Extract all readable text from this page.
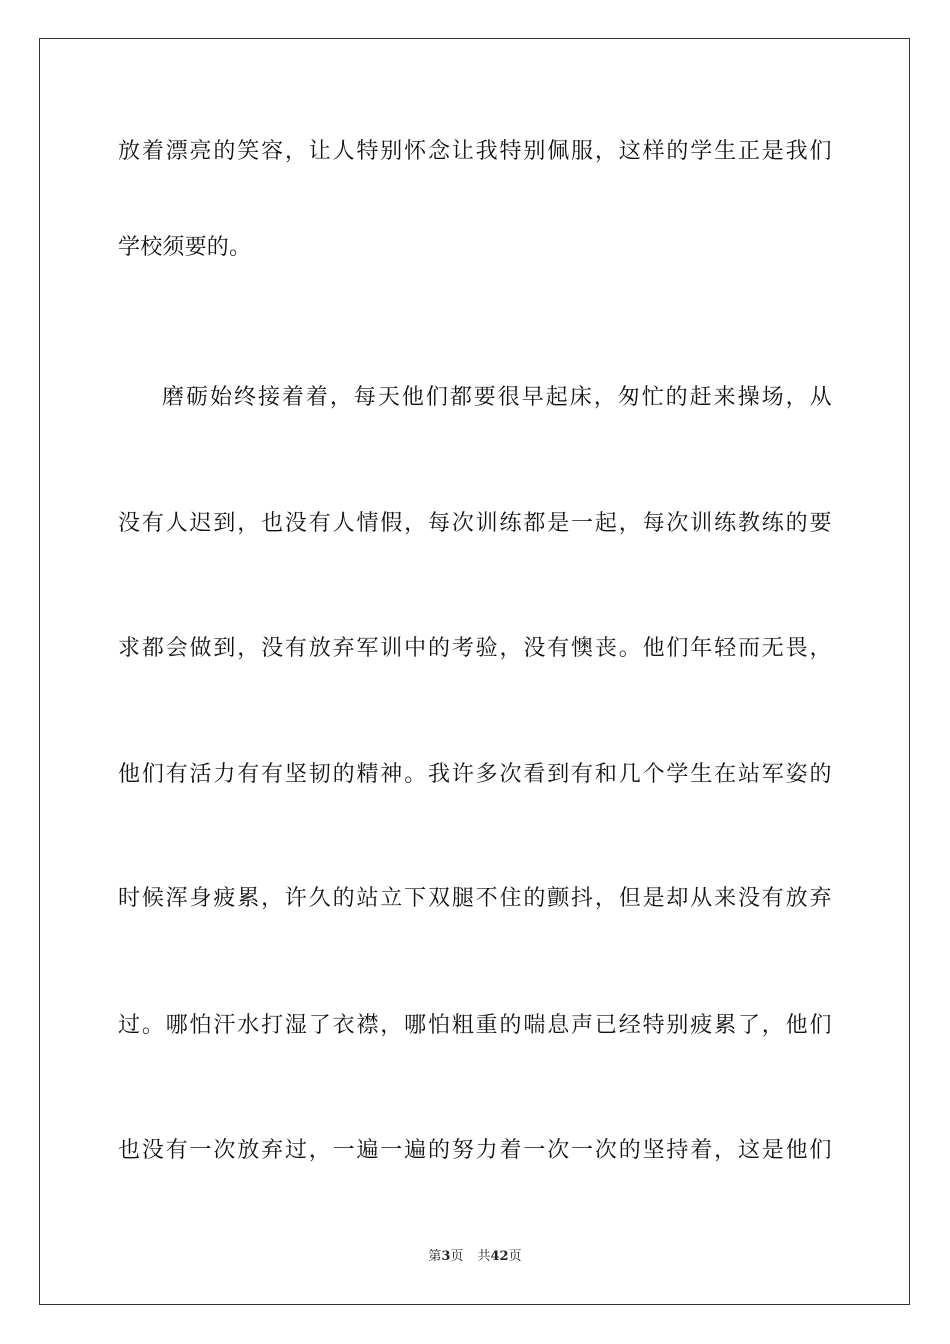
放 着 漂 亮 的 笑 容 ， 让 人 特 别 怀 念 让 我 特 别 佩 服 ， 这 样 的 学 生 正 是 我 们
学校须要的。
磨 砺 始 终 接 着 着 ， 每 天 他 们 都 要 很 早 起 床 ， 匆 忙 的 赶 来 操 场 ， 从
没 有 人 迟 到 ， 也 没 有 人 情 假 ， 每 次 训 练 都 是 一 起 ， 每 次 训 练 教 练 的 要
求 都 会 做 到 ， 没 有 放 弃 军 训 中 的 考 验 ， 没 有 懊 丧 。 他 们 年 轻 而 无 畏 ，
他 们 有 活 力 有 有 坚 韧 的 精 神 。 我 许 多 次 看 到 有 和 几 个 学 生 在 站 军 姿 的
时 候 浑 身 疲 累 ， 许 久 的 站 立 下 双 腿 不 住 的 颤 抖 ， 但 是 却 从 来 没 有 放 弃
过 。 哪 怕 汗 水 打 湿 了 衣 襟 ， 哪 怕 粗 重 的 喘 息 声 已 经 特 别 疲 累 了 ， 他 们
也 没 有 一 次 放 弃 过 ， 一 遍 一 遍 的 努 力 着 一 次 一 次 的 坚 持 着 ， 这 是 他 们
第3页 共42页
